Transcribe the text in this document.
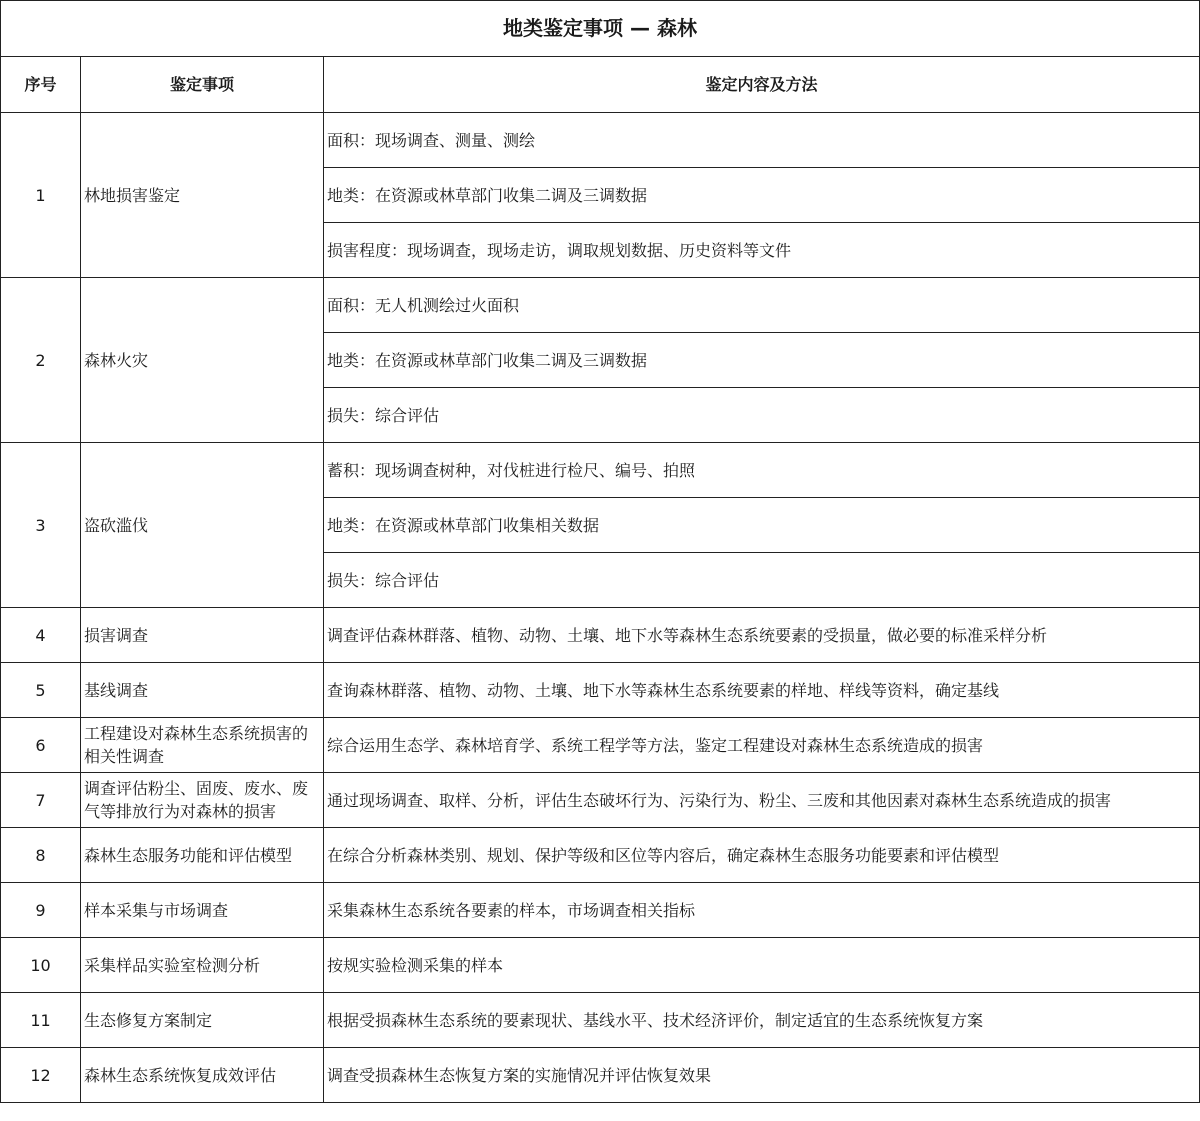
地类鉴定事项 — 森林		
序号	鉴定事项	鉴定内容及方法
1	林地损害鉴定	面积：现场调查、测量、测绘
		地类：在资源或林草部门收集二调及三调数据
		损害程度：现场调查，现场走访，调取规划数据、历史资料等文件
2	森林火灾	面积：无人机测绘过火面积
		地类：在资源或林草部门收集二调及三调数据
		损失：综合评估
3	盗砍滥伐	蓄积：现场调查树种，对伐桩进行检尺、编号、拍照
		地类：在资源或林草部门收集相关数据
		损失：综合评估
4	损害调查	调查评估森林群落、植物、动物、土壤、地下水等森林生态系统要素的受损量，做必要的标准采样分析
5	基线调查	查询森林群落、植物、动物、土壤、地下水等森林生态系统要素的样地、样线等资料，确定基线
6	工程建设对森林生态系统损害的相关性调查	综合运用生态学、森林培育学、系统工程学等方法，鉴定工程建设对森林生态系统造成的损害
7	调查评估粉尘、固废、废水、废气等排放行为对森林的损害	通过现场调查、取样、分析，评估生态破坏行为、污染行为、粉尘、三废和其他因素对森林生态系统造成的损害
8	森林生态服务功能和评估模型	在综合分析森林类别、规划、保护等级和区位等内容后，确定森林生态服务功能要素和评估模型
9	样本采集与市场调查	采集森林生态系统各要素的样本，市场调查相关指标
10	采集样品实验室检测分析	按规实验检测采集的样本
11	生态修复方案制定	根据受损森林生态系统的要素现状、基线水平、技术经济评价，制定适宜的生态系统恢复方案
12	森林生态系统恢复成效评估	调查受损森林生态恢复方案的实施情况并评估恢复效果
